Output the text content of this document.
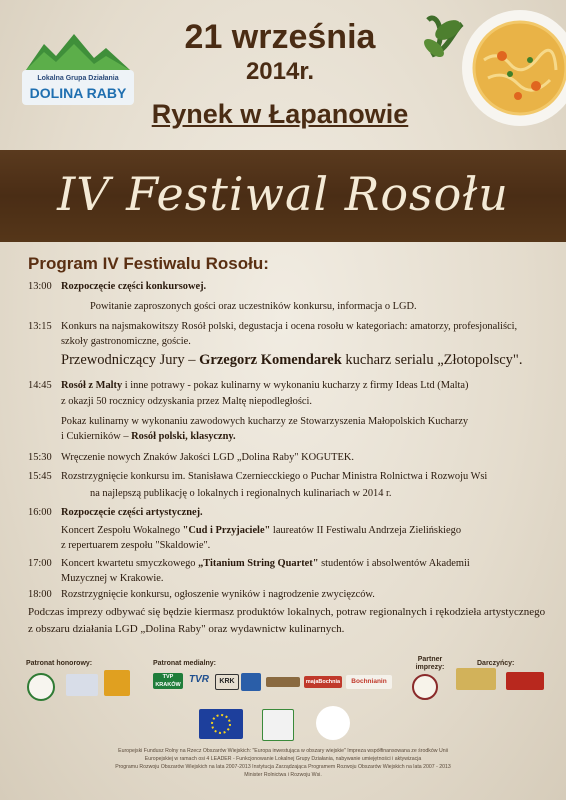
Lokalna Grupa Działania
DOLINA RABY
21 września
2014r.
Rynek w Łapanowie
IV Festiwal Rosołu
Program IV Festiwalu Rosołu:
13:00 Rozpoczęcie części konkursowej.
Powitanie zaproszonych gości oraz uczestników konkursu, informacja o LGD.
13:15 Konkurs na najsmakowitszy Rosół polski, degustacja i ocena rosołu w kategoriach: amatorzy, profesjonaliści,
szkoły gastronomiczne, goście.
Przewodniczący Jury – Grzegorz Komendarek kucharz serialu „Złotopolscy".
14:45 Rosół z Malty i inne potrawy - pokaz kulinarny w wykonaniu kucharzy z firmy Ideas Ltd (Malta)
z okazji 50 rocznicy odzyskania przez Maltę niepodległości.
Pokaz kulinarny w wykonaniu zawodowych kucharzy ze Stowarzyszenia Małopolskich Kucharzy
i Cukierników – Rosół polski, klasyczny.
15:30 Wręczenie nowych Znaków Jakości LGD „Dolina Raby" KOGUTEK.
15:45 Rozstrzygnięcie konkursu im. Stanisława Czerniecckiego o Puchar Ministra Rolnictwa i Rozwoju Wsi
na najlepszą publikację o lokalnych i regionalnych kulinariach w 2014 r.
16:00 Rozpoczęcie części artystycznej.
Koncert Zespołu Wokalnego "Cud i Przyjaciele" laureatów II Festiwalu Andrzeja Zielińskiego
z repertuarem zespołu "Skaldowie".
17:00 Koncert kwartetu smyczkowego „Titanium String Quartet" studentów i absolwentów Akademii
Muzycznej w Krakowie.
18:00 Rozstrzygnięcie konkursu, ogłoszenie wyników i nagrodzenie zwycięzców.
Podczas imprezy odbywać się będzie kiermasz produktów lokalnych, potraw regionalnych i rękodzieła artystycznego z obszaru działania LGD „Dolina Raby" oraz wydawnictw kulinarnych.
Patronat honorowy:	Patronat medialny:
Partner imprezy:
Darczyńcy:
TVP KRAKÓW TVR	KRK	majaBochnia	Bochnianin
Europejski Fundusz Rolny na Rzecz Obszarów Wiejskich: "Europa inwestująca w obszary wiejskie" Impreza współfinansowana ze środków Unii
Europejskiej w ramach osi 4 LEADER - Funkcjonowanie Lokalnej Grupy Działania, nabywanie umiejętności i aktywizacja
Programu Rozwoju Obszarów Wiejskich na lata 2007-2013 Instytucja Zarządzająca Programem Rozwoju Obszarów Wiejskich na lata 2007 - 2013
Minister Rolnictwa i Rozwoju Wsi.
